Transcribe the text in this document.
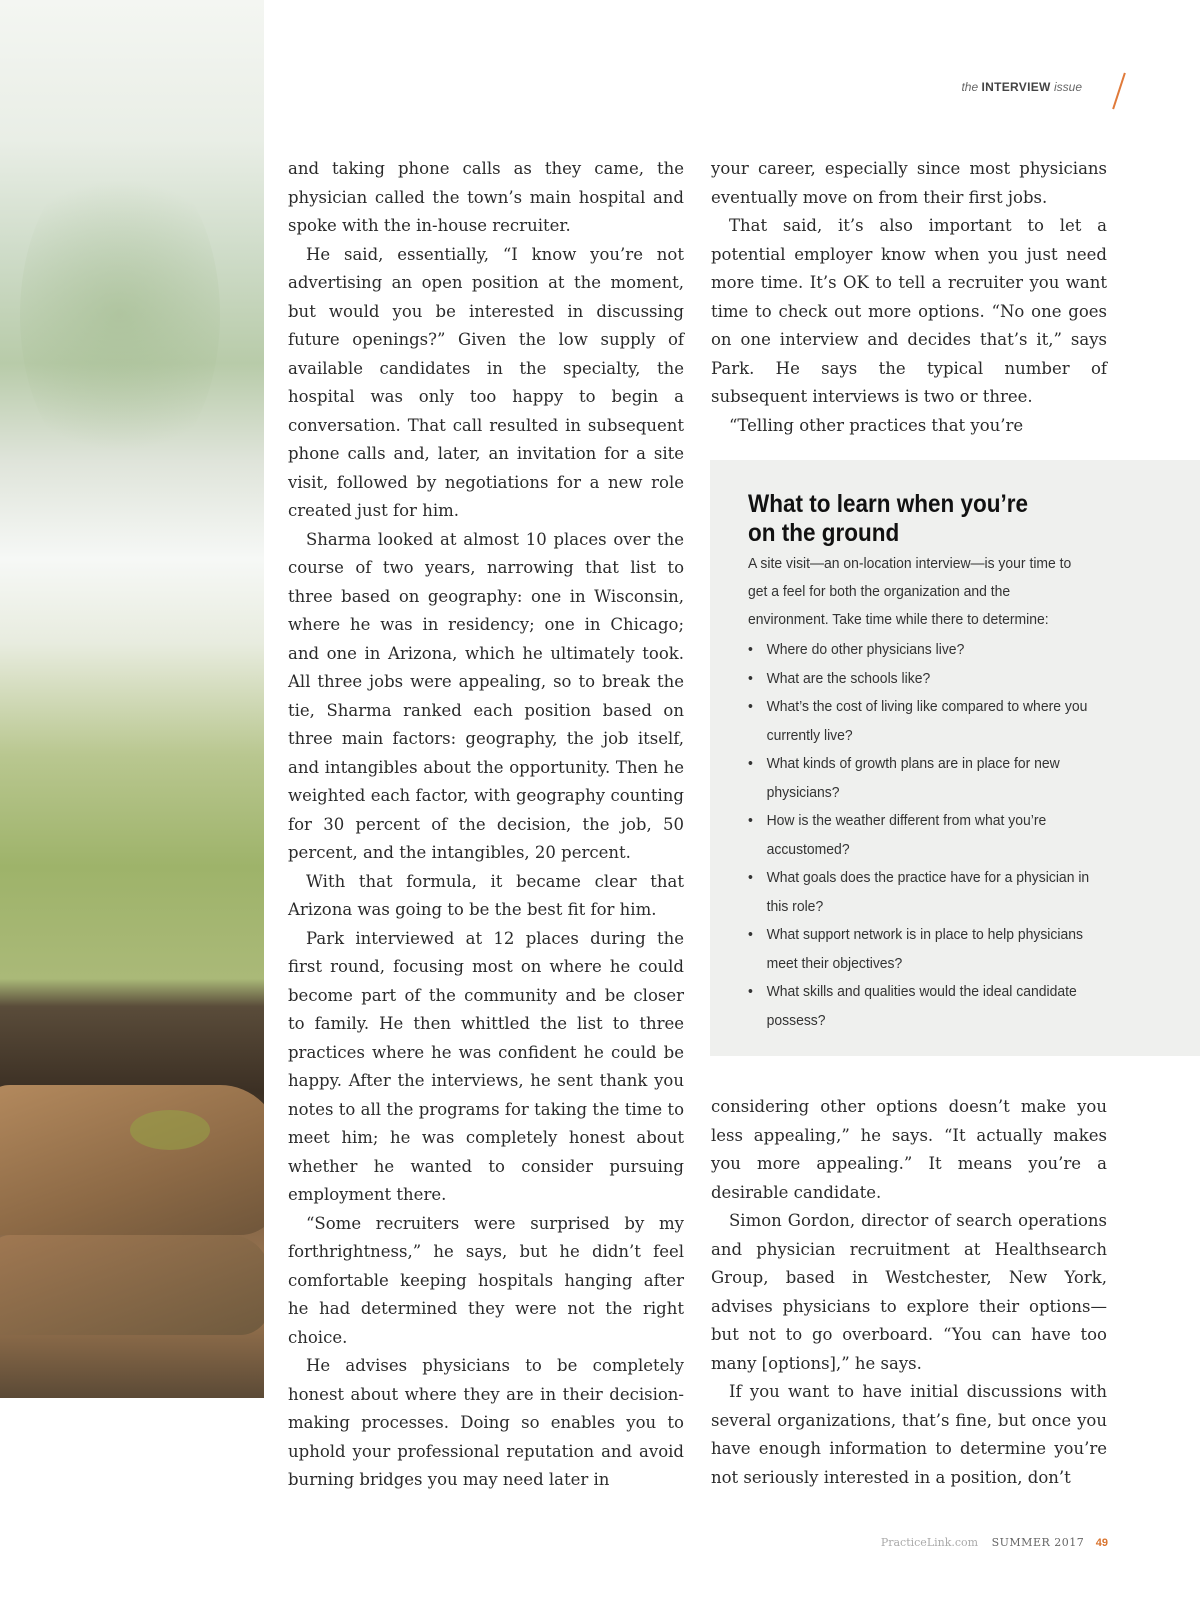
the INTERVIEW issue

and taking phone calls as they came, the physician called the town’s main hospital and spoke with the in-house recruiter.

He said, essentially, “I know you’re not advertising an open position at the moment, but would you be interested in discussing future openings?” Given the low supply of available candidates in the specialty, the hospital was only too happy to begin a conversation. That call resulted in subsequent phone calls and, later, an invitation for a site visit, followed by negotiations for a new role created just for him.

Sharma looked at almost 10 places over the course of two years, narrowing that list to three based on geography: one in Wisconsin, where he was in residency; one in Chicago; and one in Arizona, which he ultimately took. All three jobs were appealing, so to break the tie, Sharma ranked each position based on three main factors: geography, the job itself, and intangibles about the opportunity. Then he weighted each factor, with geography counting for 30 percent of the decision, the job, 50 percent, and the intangibles, 20 percent.

With that formula, it became clear that Arizona was going to be the best fit for him.

Park interviewed at 12 places during the first round, focusing most on where he could become part of the community and be closer to family. He then whittled the list to three practices where he was confident he could be happy. After the interviews, he sent thank you notes to all the programs for taking the time to meet him; he was completely honest about whether he wanted to consider pursuing employment there.

“Some recruiters were surprised by my forthrightness,” he says, but he didn’t feel comfortable keeping hospitals hanging after he had determined they were not the right choice.

He advises physicians to be completely honest about where they are in their decision-making processes. Doing so enables you to uphold your professional reputation and avoid burning bridges you may need later in

your career, especially since most physicians eventually move on from their first jobs.

That said, it’s also important to let a potential employer know when you just need more time. It’s OK to tell a recruiter you want time to check out more options. “No one goes on one interview and decides that’s it,” says Park. He says the typical number of subsequent interviews is two or three.

“Telling other practices that you’re

What to learn when you’re on the ground
A site visit—an on-location interview—is your time to get a feel for both the organization and the environment. Take time while there to determine:
• Where do other physicians live?
• What are the schools like?
• What’s the cost of living like compared to where you currently live?
• What kinds of growth plans are in place for new physicians?
• How is the weather different from what you’re accustomed?
• What goals does the practice have for a physician in this role?
• What support network is in place to help physicians meet their objectives?
• What skills and qualities would the ideal candidate possess?

considering other options doesn’t make you less appealing,” he says. “It actually makes you more appealing.” It means you’re a desirable candidate.

Simon Gordon, director of search operations and physician recruitment at Healthsearch Group, based in Westchester, New York, advises physicians to explore their options—but not to go overboard. “You can have too many [options],” he says.

If you want to have initial discussions with several organizations, that’s fine, but once you have enough information to determine you’re not seriously interested in a position, don’t

PracticeLink.com SUMMER 2017 49
